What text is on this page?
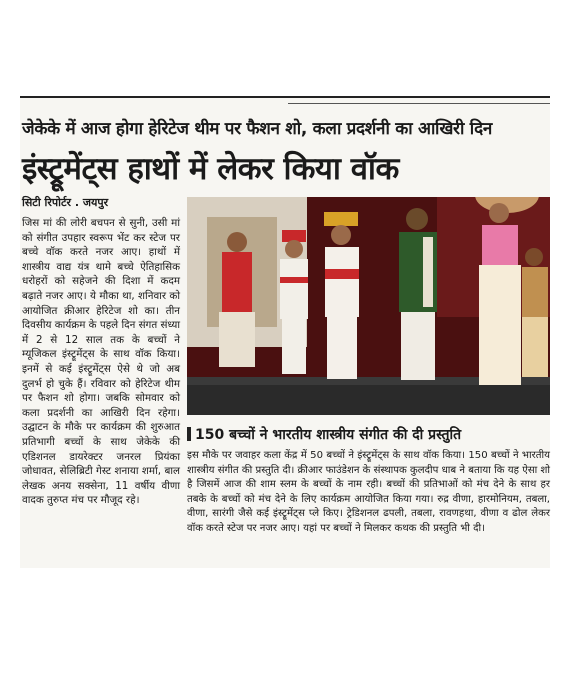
जेकेके में आज होगा हेरिटेज थीम पर फैशन शो, कला प्रदर्शनी का आखिरी दिन
इंस्ट्रूमेंट्स हाथों में लेकर किया वॉक
सिटी रिपोर्टर . जयपुर

जिस मां की लोरी बचपन से सुनी, उसी मां को संगीत उपहार स्वरूप भेंट कर स्टेज पर बच्चे वॉक करते नजर आए। हाथों में शास्त्रीय वाद्य यंत्र थामे बच्चे ऐतिहासिक धरोहरों को सहेजने की दिशा में कदम बढ़ाते नजर आए। ये मौका था, शनिवार को आयोजित क्रीआर हेरिटेज शो का। तीन दिवसीय कार्यक्रम के पहले दिन संगत संध्या में 2 से 12 साल तक के बच्चों ने म्यूजिकल इंस्ट्रूमेंट्स के साथ वॉक किया। इनमें से कई इंस्ट्रूमेंट्स ऐसे थे जो अब दुलर्भ हो चुके हैं। रविवार को हेरिटेज थीम पर फैशन शो होगा। जबकि सोमवार को कला प्रदर्शनी का आखिरी दिन रहेगा। उद्घाटन के मौके पर कार्यक्रम की शुरुआत प्रतिभागी बच्चों के साथ जेकेके की एडिशनल डायरेक्टर जनरल प्रियंका जोधावत, सेलिब्रिटी गेस्ट शनाया शर्मा, बाल लेखक अनय सक्सेना, 11 वर्षीय वीणा वादक तुरुप्त मंच पर मौजूद रहे।

150 बच्चों ने भारतीय शास्त्रीय संगीत की दी प्रस्तुति

इस मौके पर जवाहर कला केंद्र में 50 बच्चों ने इंस्ट्रूमेंट्स के साथ वॉक किया। 150 बच्चों ने भारतीय शास्त्रीय संगीत की प्रस्तुति दी। क्रीआर फाउंडेशन के संस्थापक कुलदीप धाब ने बताया कि यह ऐसा शो है जिसमें आज की शाम स्लम के बच्चों के नाम रही। बच्चों की प्रतिभाओं को मंच देने के साथ हर तबके के बच्चों को मंच देने के लिए कार्यक्रम आयोजित किया गया। रुद्र वीणा, हारमोनियम, तबला, वीणा, सारंगी जैसे कई इंस्ट्रूमेंट्स प्ले किए। ट्रेडिशनल ढपली, तबला, रावणहथा, वीणा व ढोल लेकर वॉक करते स्टेज पर नजर आए। यहां पर बच्चों ने मिलकर कथक की प्रस्तुति भी दी।
